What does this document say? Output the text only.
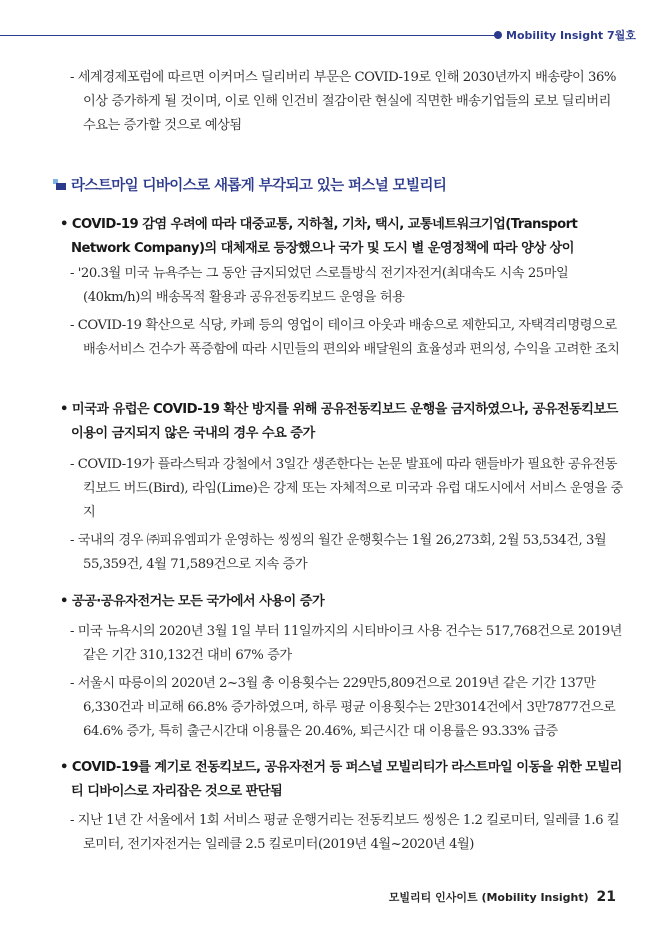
Mobility Insight 7월호
- 세계경제포럼에 따르면 이커머스 딜리버리 부문은 COVID-19로 인해 2030년까지 배송량이 36% 이상 증가하게 될 것이며, 이로 인해 인건비 절감이란 현실에 직면한 배송기업들의 로보 딜리버리 수요는 증가할 것으로 예상됨
라스트마일 디바이스로 새롭게 부각되고 있는 퍼스널 모빌리티
• COVID-19 감염 우려에 따라 대중교통, 지하철, 기차, 택시, 교통네트워크기업(Transport Network Company)의 대체재로 등장했으나 국가 및 도시 별 운영정책에 따라 양상 상이
- '20.3월 미국 뉴욕주는 그 동안 금지되었던 스로틀방식 전기자전거(최대속도 시속 25마일(40km/h)의 배송목적 활용과 공유전동킥보드 운영을 허용
- COVID-19 확산으로 식당, 카페 등의 영업이 테이크 아웃과 배송으로 제한되고, 자택격리명령으로 배송서비스 건수가 폭증함에 따라 시민들의 편의와 배달원의 효율성과 편의성, 수익을 고려한 조치
• 미국과 유럽은 COVID-19 확산 방지를 위해 공유전동킥보드 운행을 금지하였으나, 공유전동킥보드 이용이 금지되지 않은 국내의 경우 수요 증가
- COVID-19가 플라스틱과 강철에서 3일간 생존한다는 논문 발표에 따라 핸들바가 필요한 공유전동킥보드 버드(Bird), 라임(Lime)은 강제 또는 자체적으로 미국과 유럽 대도시에서 서비스 운영을 중지
- 국내의 경우 ㈜피유엠피가 운영하는 씽씽의 월간 운행횟수는 1월 26,273회, 2월 53,534건, 3월 55,359건, 4월 71,589건으로 지속 증가
• 공공·공유자전거는 모든 국가에서 사용이 증가
- 미국 뉴욕시의 2020년 3월 1일 부터 11일까지의 시티바이크 사용 건수는 517,768건으로 2019년 같은 기간 310,132건 대비 67% 증가
- 서울시 따릉이의 2020년 2~3월 총 이용횟수는 229만5,809건으로 2019년 같은 기간 137만 6,330건과 비교해 66.8% 증가하였으며, 하루 평균 이용횟수는 2만3014건에서 3만7877건으로 64.6% 증가, 특히 출근시간대 이용률은 20.46%, 퇴근시간 대 이용률은 93.33% 급증
• COVID-19를 계기로 전동킥보드, 공유자전거 등 퍼스널 모빌리티가 라스트마일 이동을 위한 모빌리티 디바이스로 자리잡은 것으로 판단됨
- 지난 1년 간 서울에서 1회 서비스 평균 운행거리는 전동킥보드 씽씽은 1.2 킬로미터, 일레클 1.6 킬로미터, 전기자전거는 일레클 2.5 킬로미터(2019년 4월~2020년 4월)
모빌리티 인사이트 (Mobility Insight) 21
